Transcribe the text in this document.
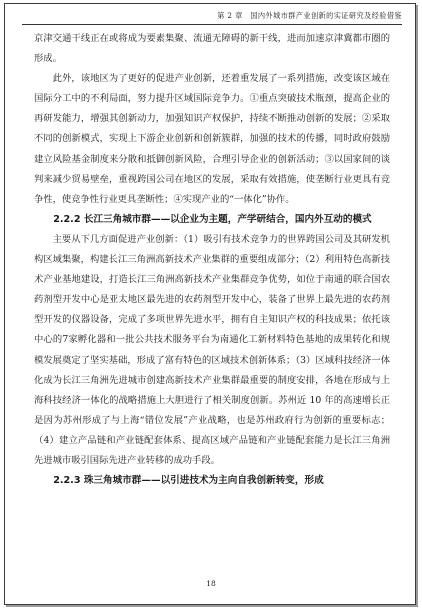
第 2 章　国内外城市群产业创新的实证研究及经验借鉴

京津交通干线正在或将成为要素集聚、流通无障碍的新干线，进而加速京津冀都市圈的形成。

此外，该地区为了更好的促进产业创新，还着重发展了一系列措施，改变该区域在国际分工中的不利局面，努力提升区域国际竞争力。①重点突破技术瓶颈，提高企业的再研发能力，增强其创新动力，加强知识产权保护，持续不断推动创新的发展；②采取不同的创新模式，实现上下游企业创新和创新簇群，加强的技术的传播，同时政府鼓励建立风险基金制度来分散和抵御创新风险，合理引导企业的创新活动；③以国家间的谈判来减少贸易壁垒，重视跨国公司在地区的发展，采取有效措施，使垄断行业更具有竞争性，使竞争性行业更具垄断性；④实现产业的“一体化”协作。

2.2.2 长江三角城市群——以企业为主题，产学研结合，国内外互动的模式

主要从下几方面促进产业创新：（1）吸引有技术竞争力的世界跨国公司及其研发机构区域集聚，构建长江三角洲高新技术产业集群的重要组成部分；（2）利用特色高新技术产业基地建设，打造长江三角洲高新技术产业集群竞争优势，如位于南通的联合国农药剂型开发中心是亚太地区最先进的农药剂型开发中心，装备了世界上最先进的农药剂型开发的仪器设备，完成了多项世界先进水平，拥有自主知识产权的科技成果；依托该中心的7家孵化器和一批公共技术服务平台为南通化工新材料特色基地的成果转化和规模发展奠定了坚实基础，形成了富有特色的区域技术创新体系；（3）区域科技经济一体化成为长江三角洲先进城市创建高新技术产业集群最重要的制度安排，各地在形成与上海科技经济一体化的战略措施上大胆进行了相关制度创新。苏州近 10 年的高速增长正是因为苏州形成了与上海“错位发展”产业战略，也是苏州政府行为创新的重要标志；（4）建立产品链和产业链配套体系、提高区域产品链和产业链配套能力是长江三角洲先进城市吸引国际先进产业转移的成功手段。

2.2.3 珠三角城市群——以引进技术为主向自我创新转变，形成
18
